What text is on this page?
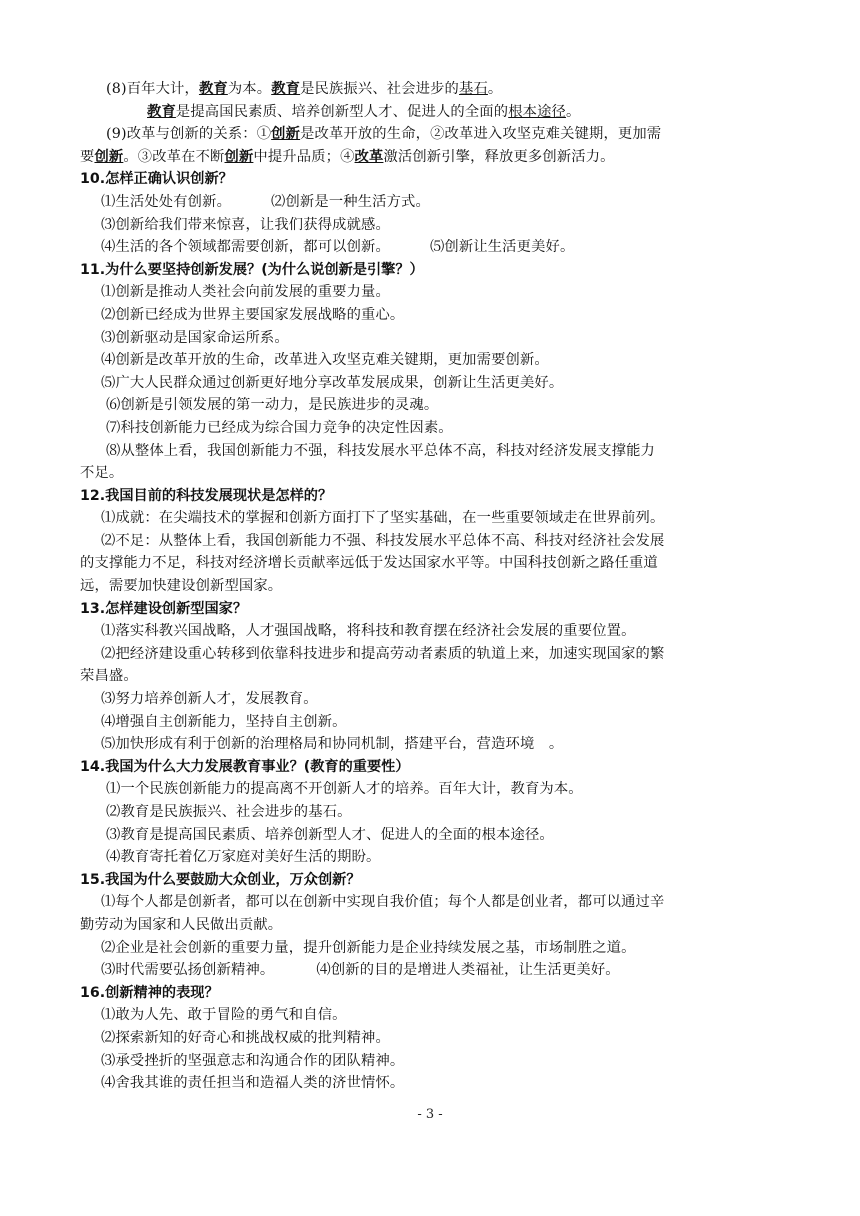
(8)百年大计，教育为本。教育是民族振兴、社会进步的基石。
教育是提高国民素质、培养创新型人才、促进人的全面的根本途径。
(9)改革与创新的关系：①创新是改革开放的生命，②改革进入攻坚克难关键期，更加需
要创新。③改革在不断创新中提升品质；④改革激活创新引擎，释放更多创新活力。
10.怎样正确认识创新？
⑴生活处处有创新。	⑵创新是一种生活方式。
⑶创新给我们带来惊喜，让我们获得成就感。
⑷生活的各个领域都需要创新，都可以创新。	⑸创新让生活更美好。
11.为什么要坚持创新发展？(为什么说创新是引擎？）
⑴创新是推动人类社会向前发展的重要力量。
⑵创新已经成为世界主要国家发展战略的重心。
⑶创新驱动是国家命运所系。
⑷创新是改革开放的生命，改革进入攻坚克难关键期，更加需要创新。
⑸广大人民群众通过创新更好地分享改革发展成果，创新让生活更美好。
⑹创新是引领发展的第一动力，是民族进步的灵魂。
⑺科技创新能力已经成为综合国力竞争的决定性因素。
⑻从整体上看，我国创新能力不强，科技发展水平总体不高，科技对经济发展支撑能力
不足。
12.我国目前的科技发展现状是怎样的？
⑴成就：在尖端技术的掌握和创新方面打下了坚实基础，在一些重要领域走在世界前列。
⑵不足：从整体上看，我国创新能力不强、科技发展水平总体不高、科技对经济社会发展
的支撑能力不足，科技对经济增长贡献率远低于发达国家水平等。中国科技创新之路任重道
远，需要加快建设创新型国家。
13.怎样建设创新型国家？
⑴落实科教兴国战略，人才强国战略，将科技和教育摆在经济社会发展的重要位置。
⑵把经济建设重心转移到依靠科技进步和提高劳动者素质的轨道上来，加速实现国家的繁
荣昌盛。
⑶努力培养创新人才，发展教育。
⑷增强自主创新能力，坚持自主创新。
⑸加快形成有利于创新的治理格局和协同机制，搭建平台，营造环境　。
14.我国为什么大力发展教育事业？(教育的重要性）
⑴一个民族创新能力的提高离不开创新人才的培养。百年大计，教育为本。
⑵教育是民族振兴、社会进步的基石。
⑶教育是提高国民素质、培养创新型人才、促进人的全面的根本途径。
⑷教育寄托着亿万家庭对美好生活的期盼。
15.我国为什么要鼓励大众创业，万众创新？
⑴每个人都是创新者，都可以在创新中实现自我价值；每个人都是创业者，都可以通过辛
勤劳动为国家和人民做出贡献。
⑵企业是社会创新的重要力量，提升创新能力是企业持续发展之基，市场制胜之道。
⑶时代需要弘扬创新精神。	⑷创新的目的是增进人类福祉，让生活更美好。
16.创新精神的表现？
⑴敢为人先、敢于冒险的勇气和自信。
⑵探索新知的好奇心和挑战权威的批判精神。
⑶承受挫折的坚强意志和沟通合作的团队精神。
⑷舍我其谁的责任担当和造福人类的济世情怀。
- 3 -
